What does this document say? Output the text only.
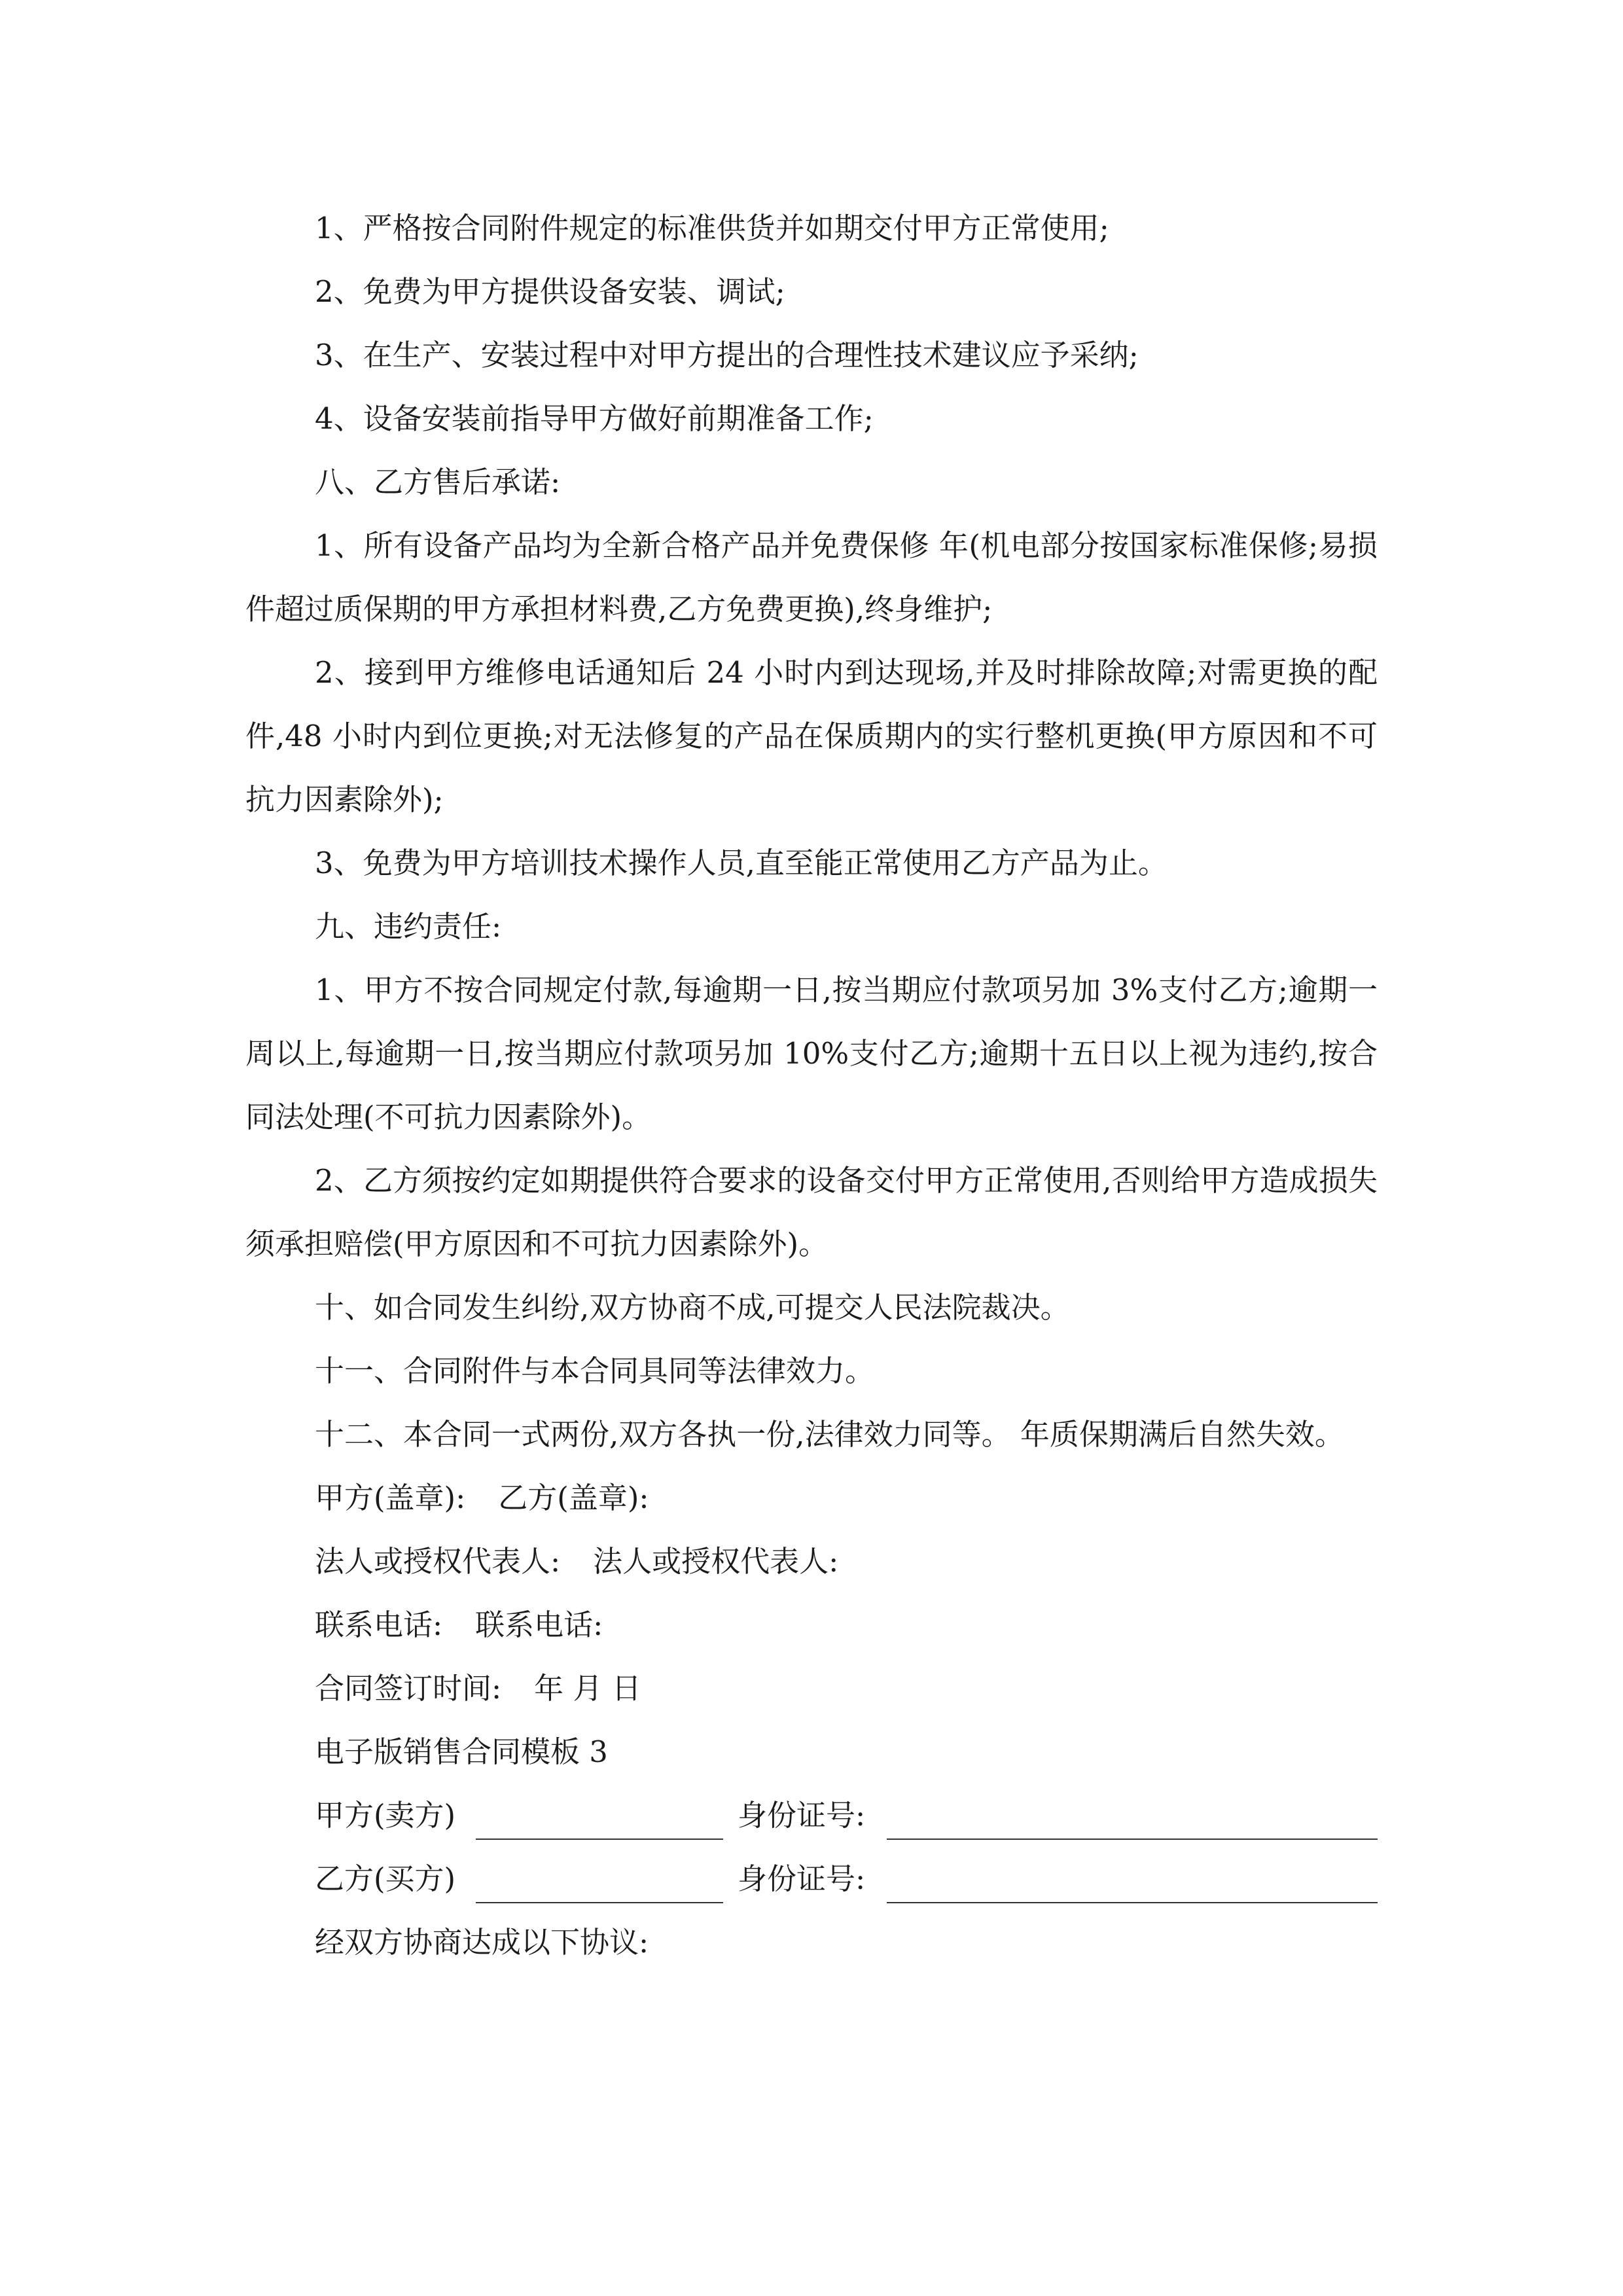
1、严格按合同附件规定的标准供货并如期交付甲方正常使用;

2、免费为甲方提供设备安装、调试;

3、在生产、安装过程中对甲方提出的合理性技术建议应予采纳;

4、设备安装前指导甲方做好前期准备工作;

八、乙方售后承诺:

1、所有设备产品均为全新合格产品并免费保修 年(机电部分按国家标准保修;易损件超过质保期的甲方承担材料费,乙方免费更换),终身维护;

2、接到甲方维修电话通知后 24 小时内到达现场,并及时排除故障;对需更换的配件,48 小时内到位更换;对无法修复的产品在保质期内的实行整机更换(甲方原因和不可抗力因素除外);

3、免费为甲方培训技术操作人员,直至能正常使用乙方产品为止。

九、违约责任:

1、甲方不按合同规定付款,每逾期一日,按当期应付款项另加 3%支付乙方;逾期一周以上,每逾期一日,按当期应付款项另加 10%支付乙方;逾期十五日以上视为违约,按合同法处理(不可抗力因素除外)。

2、乙方须按约定如期提供符合要求的设备交付甲方正常使用,否则给甲方造成损失须承担赔偿(甲方原因和不可抗力因素除外)。

十、如合同发生纠纷,双方协商不成,可提交人民法院裁决。

十一、合同附件与本合同具同等法律效力。

十二、本合同一式两份,双方各执一份,法律效力同等。 年质保期满后自然失效。

甲方(盖章): 乙方(盖章):
法人或授权代表人: 法人或授权代表人:
联系电话: 联系电话:
合同签订时间: 年 月 日
电子版销售合同模板 3
甲方(卖方)	身份证号:
乙方(买方)	身份证号:
经双方协商达成以下协议:
